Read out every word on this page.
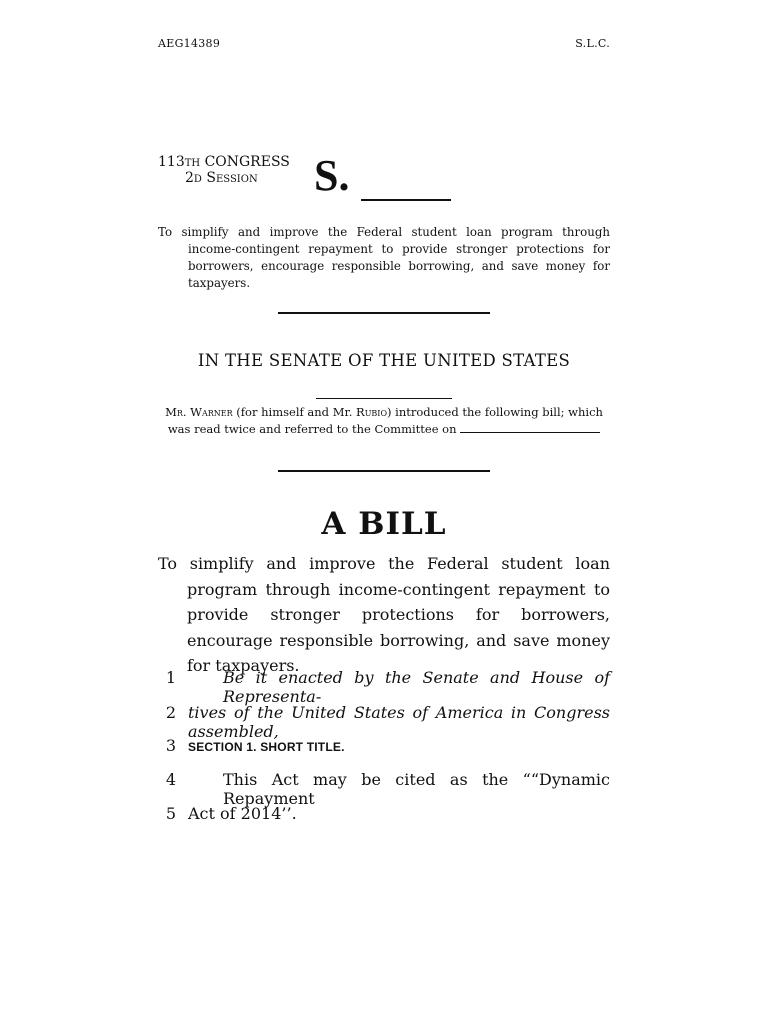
AEG14389	S.L.C.
113th CONGRESS
2d Session	S.
To simplify and improve the Federal student loan program through income-contingent repayment to provide stronger protections for borrowers, encourage responsible borrowing, and save money for taxpayers.
IN THE SENATE OF THE UNITED STATES
Mr. Warner (for himself and Mr. Rubio) introduced the following bill; which was read twice and referred to the Committee on
A BILL
To simplify and improve the Federal student loan program through income-contingent repayment to provide stronger protections for borrowers, encourage responsible borrowing, and save money for taxpayers.
1	Be it enacted by the Senate and House of Representa-
2 tives of the United States of America in Congress assembled,
3 SECTION 1. SHORT TITLE.
4	This Act may be cited as the ““Dynamic Repayment
5 Act of 2014’’.
